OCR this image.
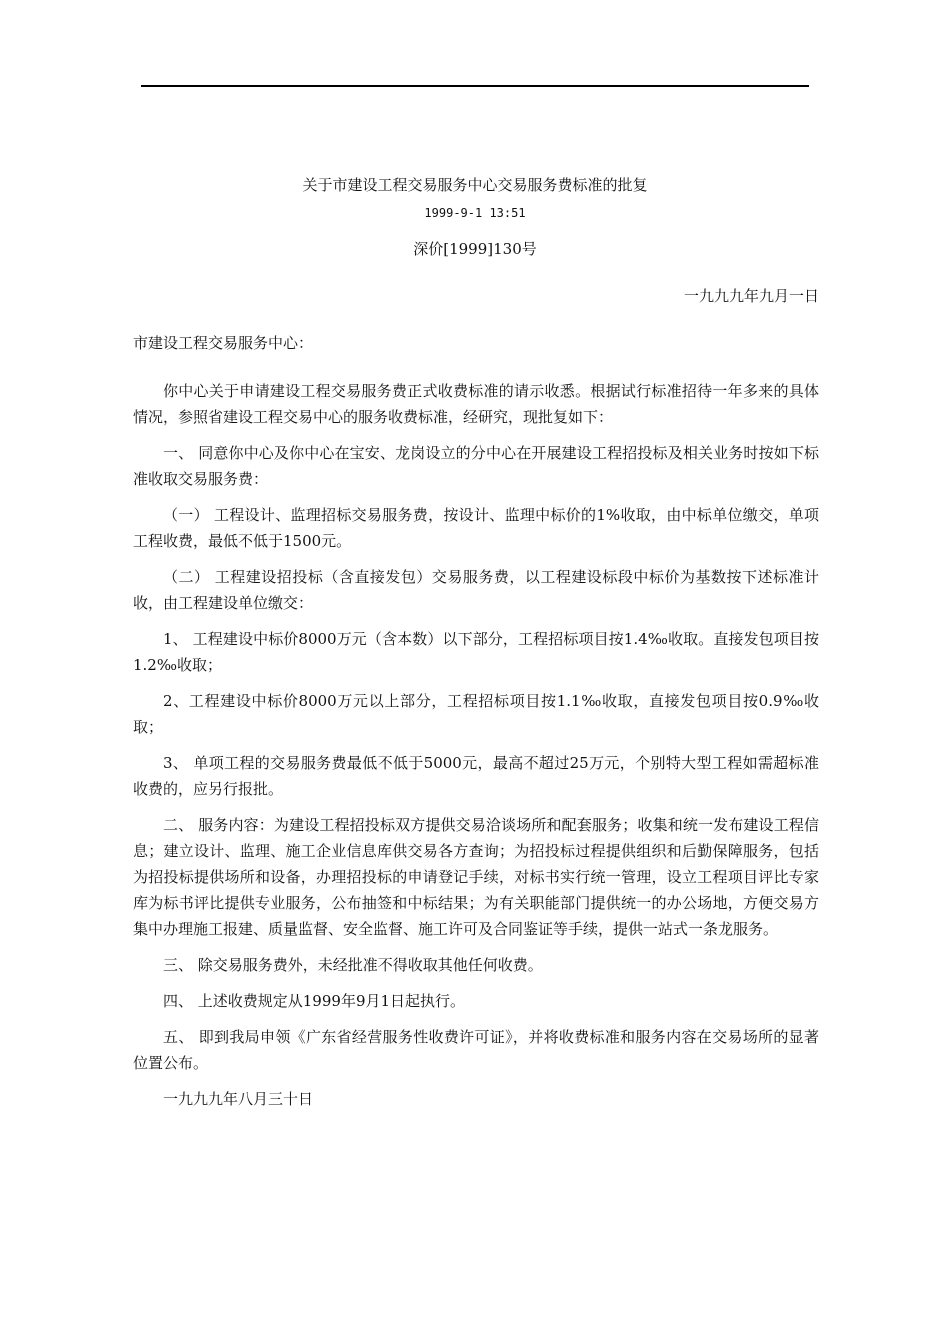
关于市建设工程交易服务中心交易服务费标准的批复
1999-9-1 13:51
深价[1999]130号
一九九九年九月一日
市建设工程交易服务中心：

你中心关于申请建设工程交易服务费正式收费标准的请示收悉。根据试行标准招待一年多来的具体情况，参照省建设工程交易中心的服务收费标准，经研究，现批复如下：

一、 同意你中心及你中心在宝安、龙岗设立的分中心在开展建设工程招投标及相关业务时按如下标准收取交易服务费：

（一） 工程设计、监理招标交易服务费，按设计、监理中标价的1%收取，由中标单位缴交，单项工程收费，最低不低于1500元。

（二） 工程建设招投标（含直接发包）交易服务费，以工程建设标段中标价为基数按下述标准计收，由工程建设单位缴交：

1、 工程建设中标价8000万元（含本数）以下部分，工程招标项目按1.4‰收取。直接发包项目按1.2‰收取；

2、工程建设中标价8000万元以上部分，工程招标项目按1.1‰收取，直接发包项目按0.9‰收取；

3、 单项工程的交易服务费最低不低于5000元，最高不超过25万元，个别特大型工程如需超标准收费的，应另行报批。

二、 服务内容：为建设工程招投标双方提供交易洽谈场所和配套服务；收集和统一发布建设工程信息；建立设计、监理、施工企业信息库供交易各方查询；为招投标过程提供组织和后勤保障服务，包括为招投标提供场所和设备，办理招投标的申请登记手续，对标书实行统一管理，设立工程项目评比专家库为标书评比提供专业服务，公布抽签和中标结果；为有关职能部门提供统一的办公场地，方便交易方集中办理施工报建、质量监督、安全监督、施工许可及合同鉴证等手续，提供一站式一条龙服务。

三、 除交易服务费外，未经批准不得收取其他任何收费。

四、 上述收费规定从1999年9月1日起执行。

五、 即到我局申领《广东省经营服务性收费许可证》，并将收费标准和服务内容在交易场所的显著位置公布。

一九九九年八月三十日
